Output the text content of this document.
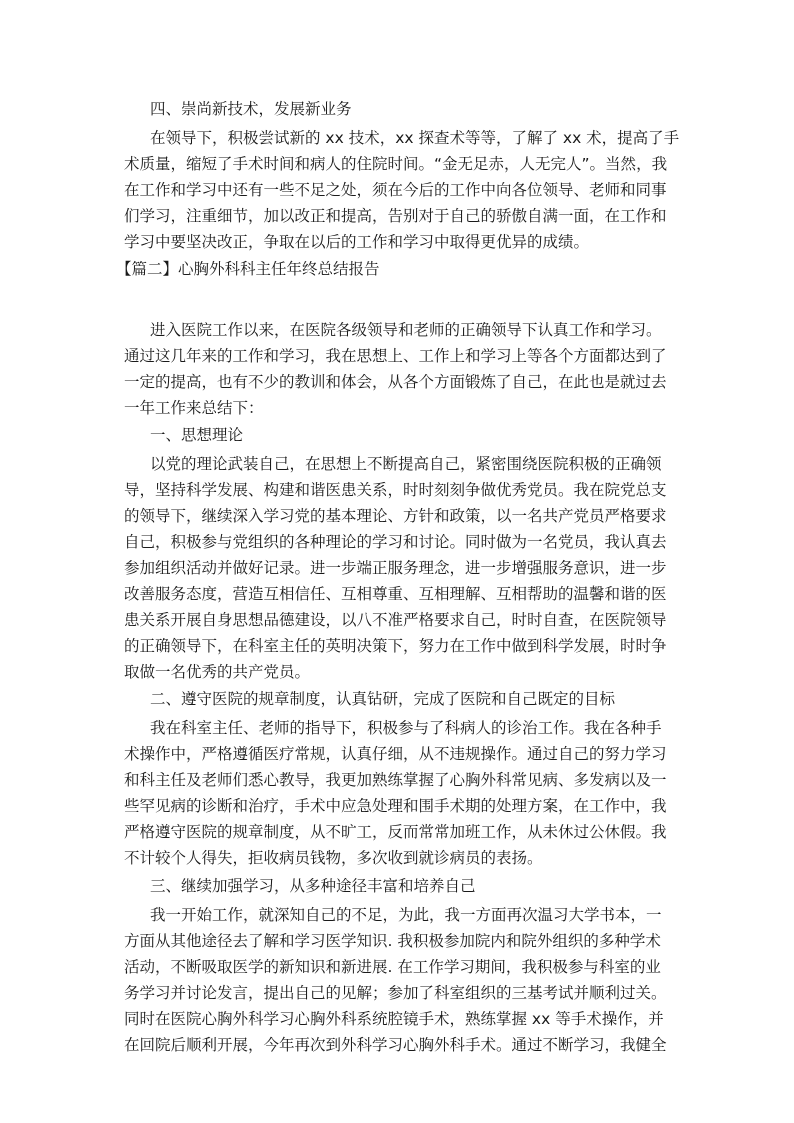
四、崇尚新技术，发展新业务
在领导下，积极尝试新的 xx 技术，xx 探查术等等，了解了 xx 术，提高了手
术质量，缩短了手术时间和病人的住院时间。“金无足赤，人无完人”。当然，我
在工作和学习中还有一些不足之处，须在今后的工作中向各位领导、老师和同事
们学习，注重细节，加以改正和提高，告别对于自己的骄傲自满一面，在工作和
学习中要坚决改正，争取在以后的工作和学习中取得更优异的成绩。
【篇二】心胸外科科主任年终总结报告
进入医院工作以来，在医院各级领导和老师的正确领导下认真工作和学习。
通过这几年来的工作和学习，我在思想上、工作上和学习上等各个方面都达到了
一定的提高，也有不少的教训和体会，从各个方面锻炼了自己，在此也是就过去
一年工作来总结下：
一、思想理论
以党的理论武装自己，在思想上不断提高自己，紧密围绕医院积极的正确领
导，坚持科学发展、构建和谐医患关系，时时刻刻争做优秀党员。我在院党总支
的领导下，继续深入学习党的基本理论、方针和政策，以一名共产党员严格要求
自己，积极参与党组织的各种理论的学习和讨论。同时做为一名党员，我认真去
参加组织活动并做好记录。进一步端正服务理念，进一步增强服务意识，进一步
改善服务态度，营造互相信任、互相尊重、互相理解、互相帮助的温馨和谐的医
患关系开展自身思想品德建设，以八不准严格要求自己，时时自查，在医院领导
的正确领导下，在科室主任的英明决策下，努力在工作中做到科学发展，时时争
取做一名优秀的共产党员。
二、遵守医院的规章制度，认真钻研，完成了医院和自己既定的目标
我在科室主任、老师的指导下，积极参与了科病人的诊治工作。我在各种手
术操作中，严格遵循医疗常规，认真仔细，从不违规操作。通过自己的努力学习
和科主任及老师们悉心教导，我更加熟练掌握了心胸外科常见病、多发病以及一
些罕见病的诊断和治疗，手术中应急处理和围手术期的处理方案，在工作中，我
严格遵守医院的规章制度，从不旷工，反而常常加班工作，从未休过公休假。我
不计较个人得失，拒收病员钱物，多次收到就诊病员的表扬。
三、继续加强学习，从多种途径丰富和培养自己
我一开始工作，就深知自己的不足，为此，我一方面再次温习大学书本，一
方面从其他途径去了解和学习医学知识. 我积极参加院内和院外组织的多种学术
活动，不断吸取医学的新知识和新进展. 在工作学习期间，我积极参与科室的业
务学习并讨论发言，提出自己的见解；参加了科室组织的三基考试并顺利过关。
同时在医院心胸外科学习心胸外科系统腔镜手术，熟练掌握 xx 等手术操作，并
在回院后顺利开展，今年再次到外科学习心胸外科手术。通过不断学习，我健全
